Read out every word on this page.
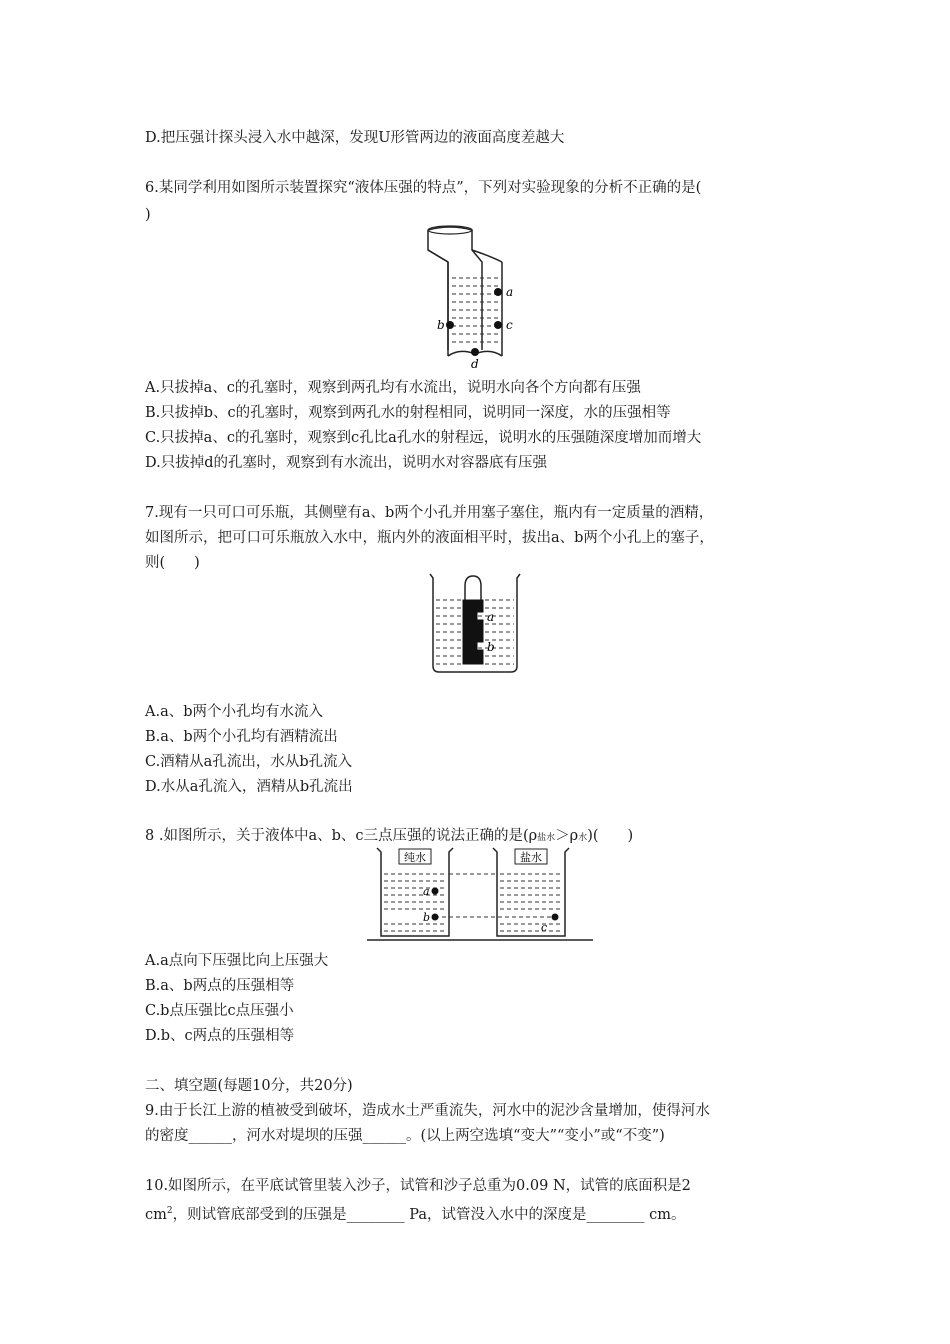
D.把压强计探头浸入水中越深，发现U形管两边的液面高度差越大
6.某同学利用如图所示装置探究“液体压强的特点”，下列对实验现象的分析不正确的是(
)
a
b	c
d
A.只拔掉a、c的孔塞时，观察到两孔均有水流出，说明水向各个方向都有压强
B.只拔掉b、c的孔塞时，观察到两孔水的射程相同，说明同一深度，水的压强相等
C.只拔掉a、c的孔塞时，观察到c孔比a孔水的射程远，说明水的压强随深度增加而增大
D.只拔掉d的孔塞时，观察到有水流出，说明水对容器底有压强
7.现有一只可口可乐瓶，其侧壁有a、b两个小孔并用塞子塞住，瓶内有一定质量的酒精，
如图所示，把可口可乐瓶放入水中，瓶内外的液面相平时，拔出a、b两个小孔上的塞子，
则(　　)
a
b
A.a、b两个小孔均有水流入
B.a、b两个小孔均有酒精流出
C.酒精从a孔流出，水从b孔流入
D.水从a孔流入，酒精从b孔流出
8 .如图所示，关于液体中a、b、c三点压强的说法正确的是(ρ盐水＞ρ水)(　　)
纯水	盐水
a
b
c
A.a点向下压强比向上压强大
B.a、b两点的压强相等
C.b点压强比c点压强小
D.b、c两点的压强相等
二、填空题(每题10分，共20分)
9.由于长江上游的植被受到破坏，造成水土严重流失，河水中的泥沙含量增加，使得河水
的密度______，河水对堤坝的压强______。(以上两空选填“变大”“变小”或“不变”)
10.如图所示，在平底试管里装入沙子，试管和沙子总重为0.09 N，试管的底面积是2
$cm^2$，则试管底部受到的压强是________ Pa，试管没入水中的深度是________ cm。
